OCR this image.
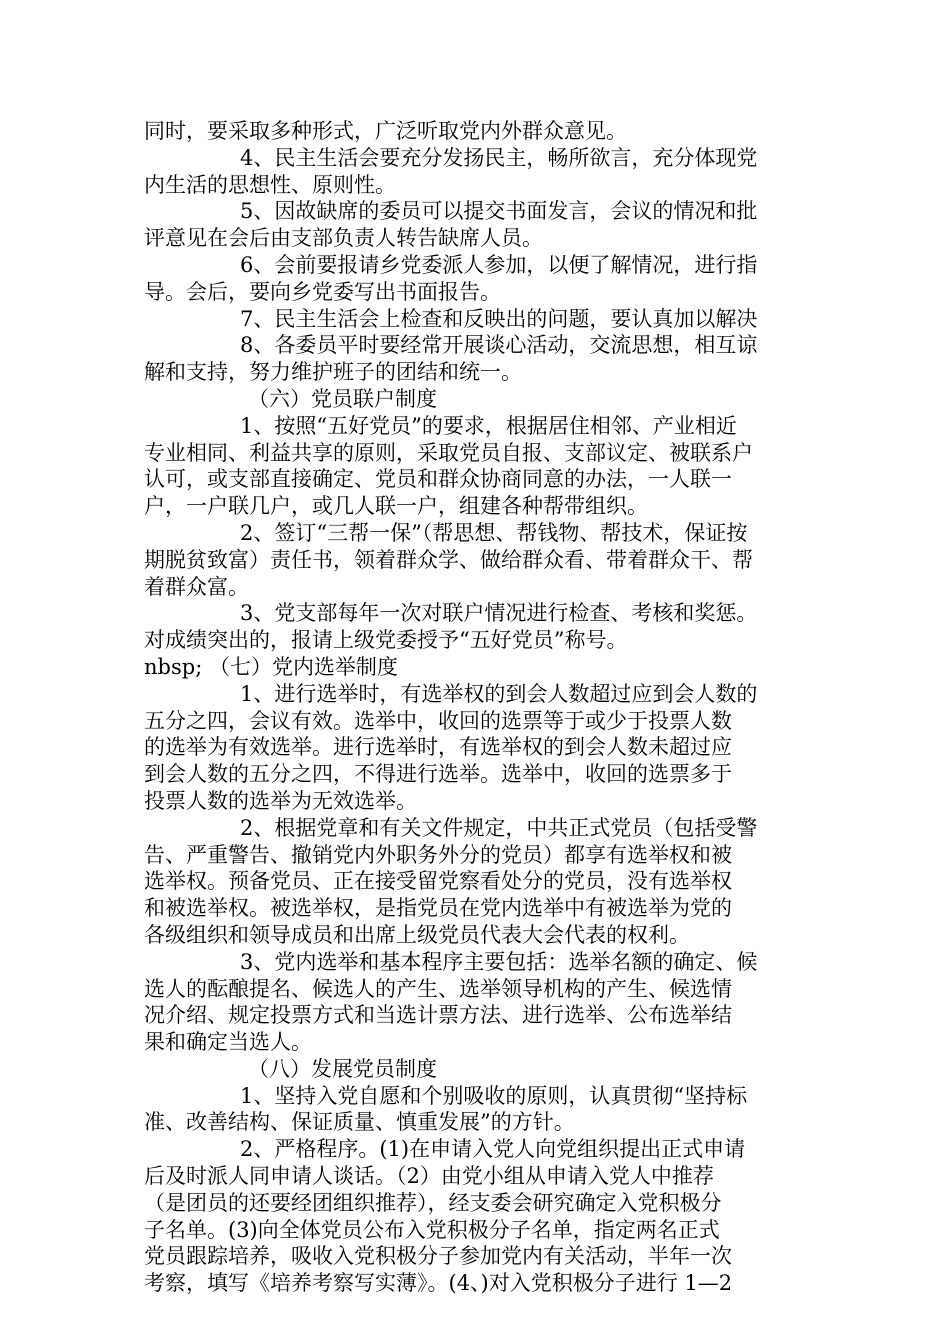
同时，要采取多种形式，广泛听取党内外群众意见。
4、民主生活会要充分发扬民主，畅所欲言，充分体现党
内生活的思想性、原则性。
5、因故缺席的委员可以提交书面发言，会议的情况和批
评意见在会后由支部负责人转告缺席人员。
6、会前要报请乡党委派人参加，以便了解情况，进行指
导。会后，要向乡党委写出书面报告。
7、民主生活会上检查和反映出的问题，要认真加以解决
8、各委员平时要经常开展谈心活动，交流思想，相互谅
解和支持，努力维护班子的团结和统一。
（六）党员联户制度
1、按照“五好党员”的要求，根据居住相邻、产业相近
专业相同、利益共享的原则，采取党员自报、支部议定、被联系户
认可，或支部直接确定、党员和群众协商同意的办法，一人联一
户，一户联几户，或几人联一户，组建各种帮带组织。
2、签订“三帮一保”（帮思想、帮钱物、帮技术，保证按
期脱贫致富）责任书，领着群众学、做给群众看、带着群众干、帮
着群众富。
3、党支部每年一次对联户情况进行检查、考核和奖惩。
对成绩突出的，报请上级党委授予“五好党员”称号。
nbsp; （七）党内选举制度
1、进行选举时，有选举权的到会人数超过应到会人数的
五分之四，会议有效。选举中，收回的选票等于或少于投票人数
的选举为有效选举。进行选举时，有选举权的到会人数未超过应
到会人数的五分之四，不得进行选举。选举中，收回的选票多于
投票人数的选举为无效选举。
2、根据党章和有关文件规定，中共正式党员（包括受警
告、严重警告、撤销党内外职务外分的党员）都享有选举权和被
选举权。预备党员、正在接受留党察看处分的党员，没有选举权
和被选举权。被选举权，是指党员在党内选举中有被选举为党的
各级组织和领导成员和出席上级党员代表大会代表的权利。
3、党内选举和基本程序主要包括：选举名额的确定、候
选人的酝酿提名、候选人的产生、选举领导机构的产生、候选情
况介绍、规定投票方式和当选计票方法、进行选举、公布选举结
果和确定当选人。
（八）发展党员制度
1、坚持入党自愿和个别吸收的原则，认真贯彻“坚持标
准、改善结构、保证质量、慎重发展”的方针。
2、严格程序。(1)在申请入党人向党组织提出正式申请
后及时派人同申请人谈话。（2）由党小组从申请入党人中推荐
（是团员的还要经团组织推荐），经支委会研究确定入党积极分
子名单。(3)向全体党员公布入党积极分子名单，指定两名正式
党员跟踪培养，吸收入党积极分子参加党内有关活动，半年一次
考察，填写《培养考察写实薄》。(4、)对入党积极分子进行 1—2
